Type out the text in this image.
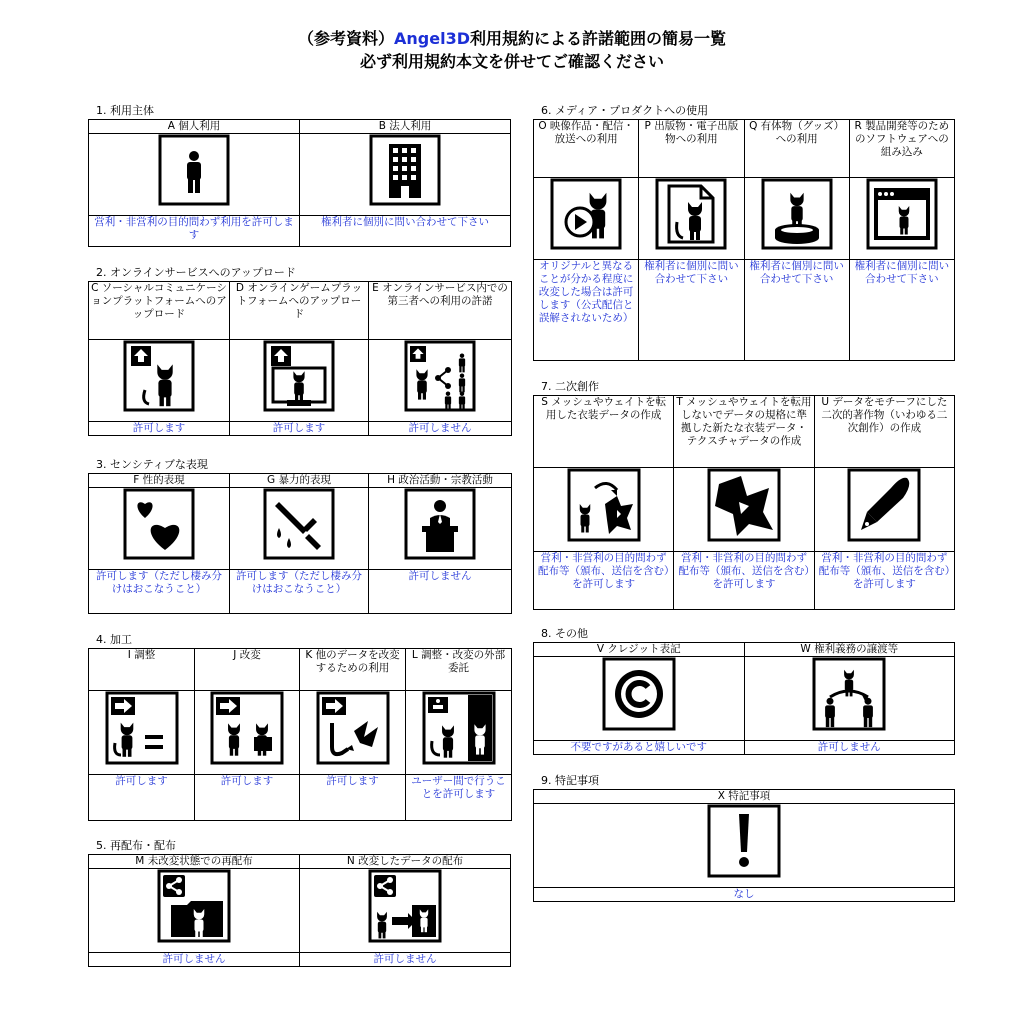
（参考資料）Angel3D利用規約による許諾範囲の簡易一覧
必ず利用規約本文を併せてご確認ください
1. 利用主体
A 個人利用	B 法人利用

営利・非営利の目的問わず利用を許可します	権利者に個別に問い合わせて下さい
2. オンラインサービスへのアップロード
C ソーシャルコミュニケーションプラットフォームへのアップロード	D オンラインゲームプラットフォームへのアップロード	E オンラインサービス内での第三者への利用の許諾

許可します	許可します	許可しません
3. センシティブな表現
F 性的表現	G 暴力的表現	H 政治活動・宗教活動

許可します（ただし棲み分けはおこなうこと）	許可します（ただし棲み分けはおこなうこと）	許可しません
4. 加工
I 調整	J 改変	K 他のデータを改変するための利用	L 調整・改変の外部委託

許可します	許可します	許可します	ユーザー間で行うことを許可します
5. 再配布・配布
M 未改変状態での再配布	N 改変したデータの配布

許可しません	許可しません
6. メディア・プロダクトへの使用
O 映像作品・配信・放送への利用	P 出版物・電子出版物への利用	Q 有体物（グッズ）への利用	R 製品開発等のためのソフトウェアへの組み込み

オリジナルと異なることが分かる程度に改変した場合は許可します（公式配信と誤解されないため）	権利者に個別に問い合わせて下さい	権利者に個別に問い合わせて下さい	権利者に個別に問い合わせて下さい
7. 二次創作
S メッシュやウェイトを転用した衣装データの作成	T メッシュやウェイトを転用しないでデータの規格に準拠した新たな衣装データ・テクスチャデータの作成	U データをモチーフにした二次的著作物（いわゆる二次創作）の作成

営利・非営利の目的問わず配布等（頒布、送信を含む）を許可します	営利・非営利の目的問わず配布等（頒布、送信を含む）を許可します	営利・非営利の目的問わず配布等（頒布、送信を含む）を許可します
8. その他
V クレジット表記	W 権利義務の譲渡等

不要ですがあると嬉しいです	許可しません
9. 特記事項
X 特記事項

なし
